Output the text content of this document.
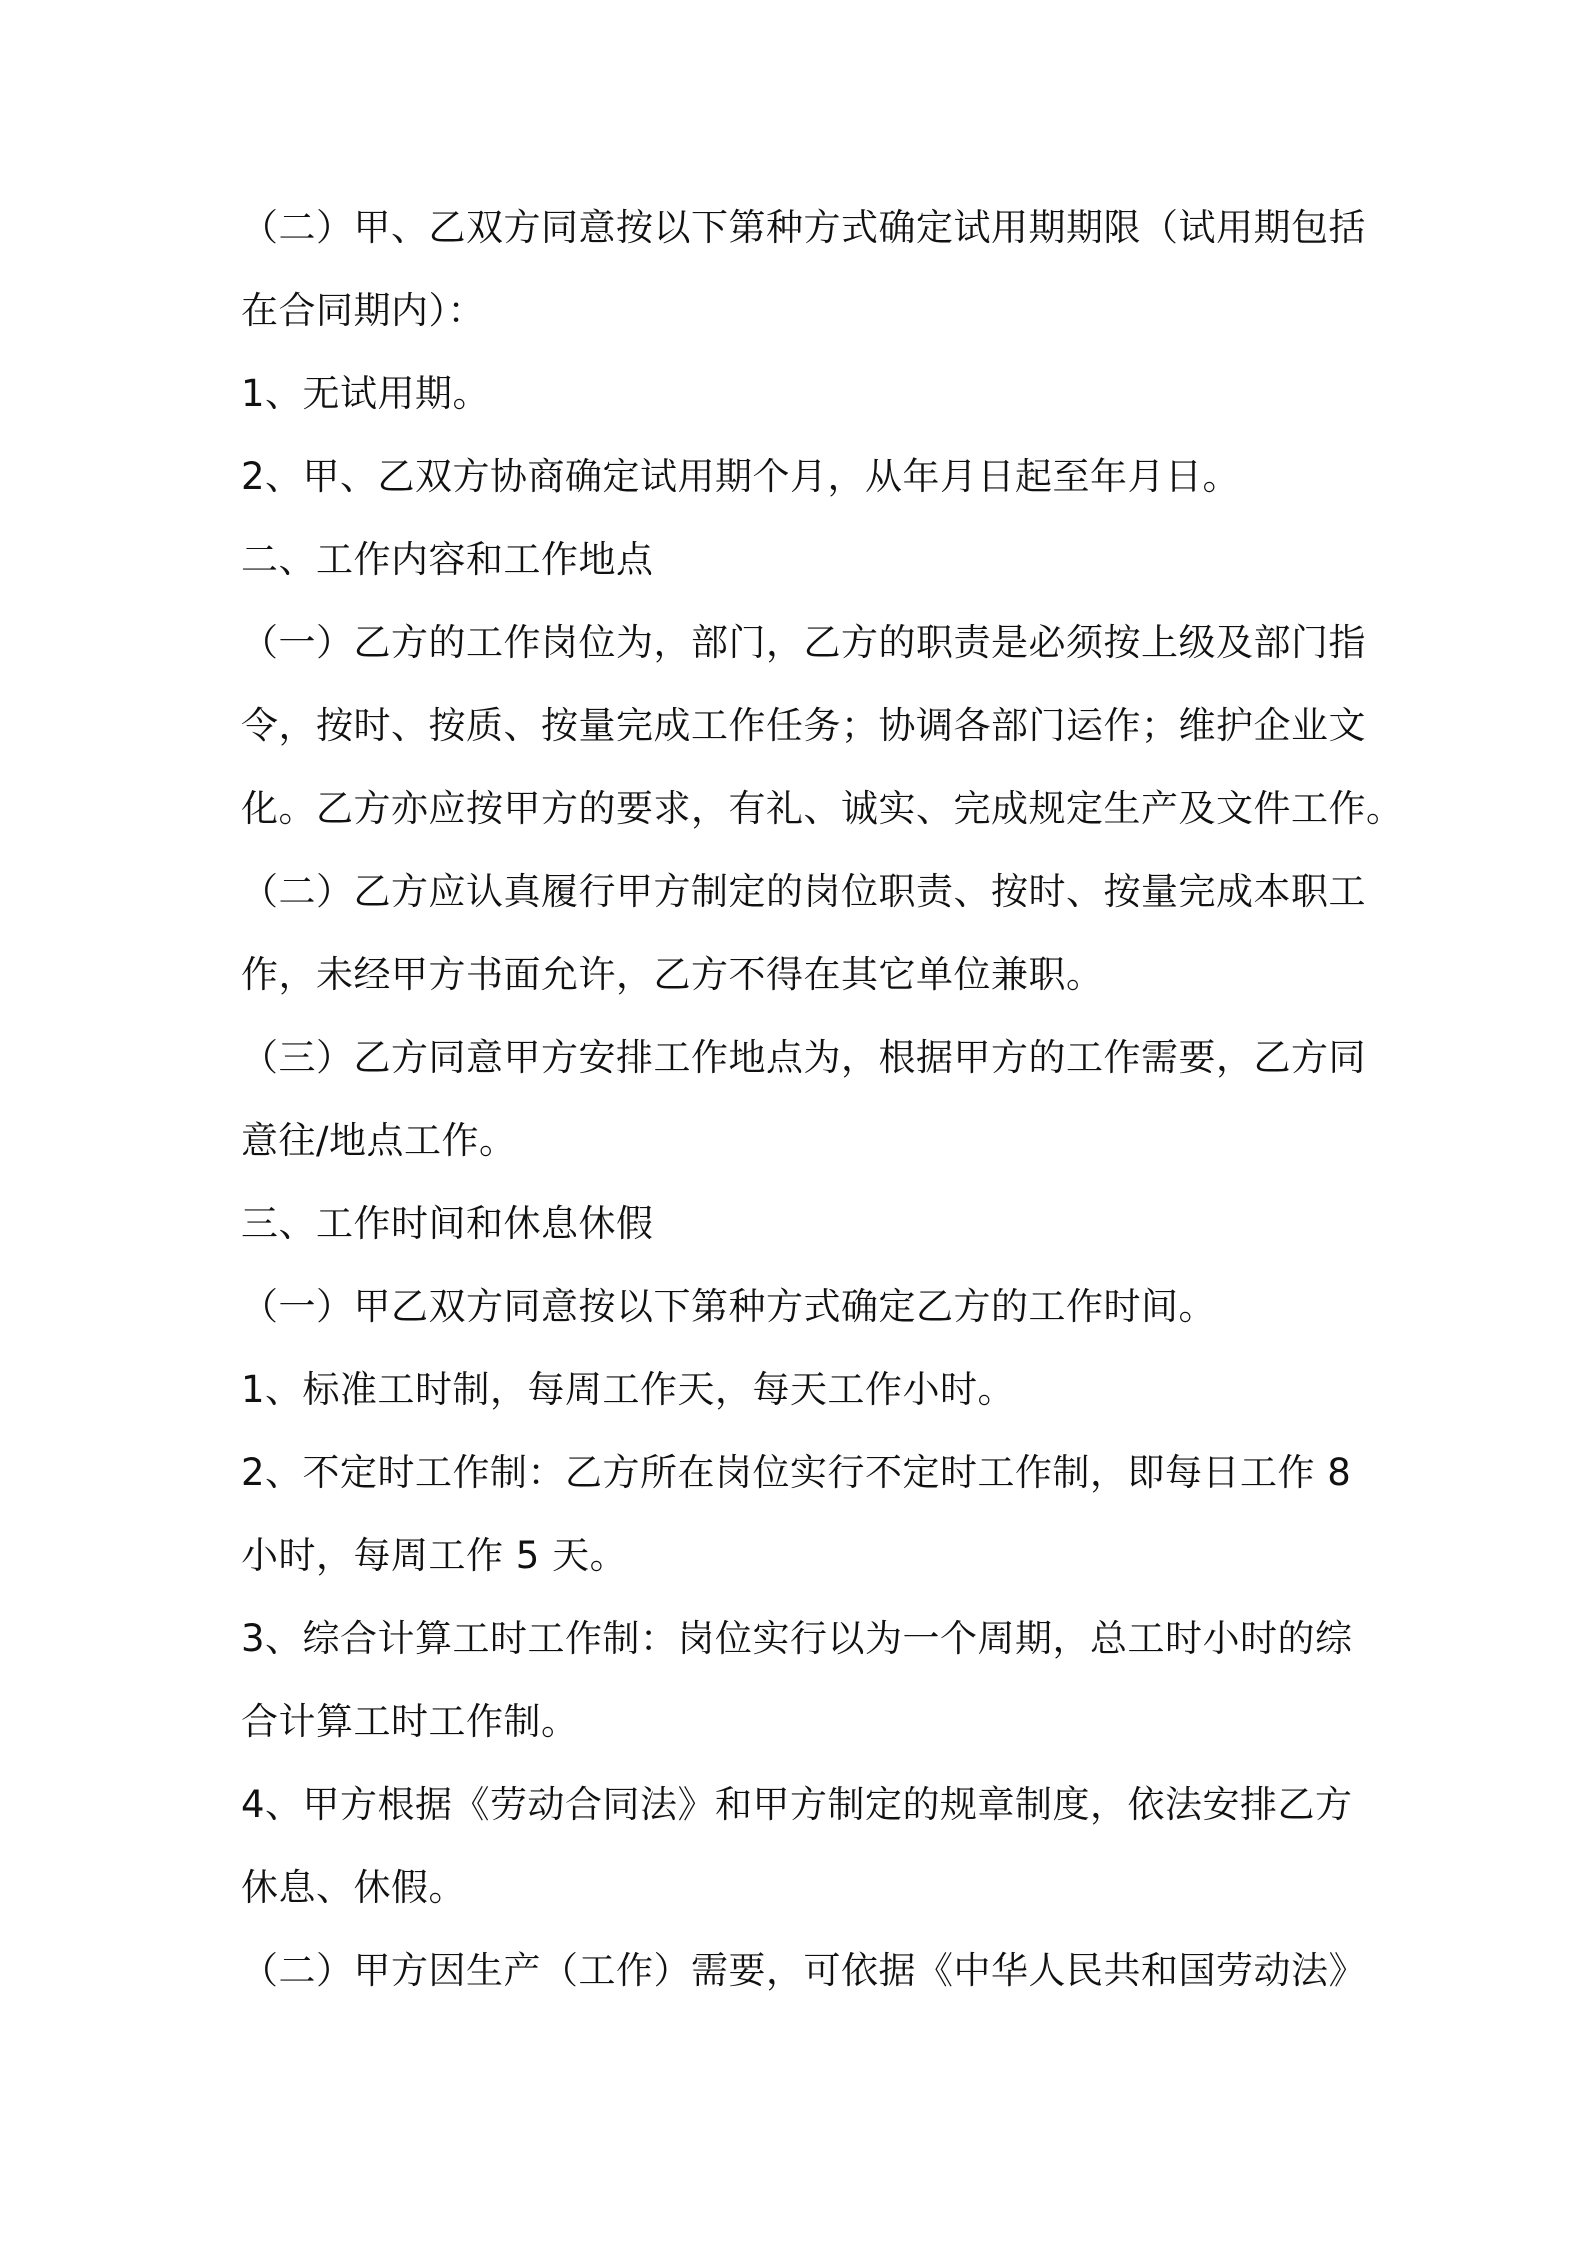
（二）甲、乙双方同意按以下第种方式确定试用期期限（试用期包括
在合同期内）：
1、无试用期。
2、甲、乙双方协商确定试用期个月，从年月日起至年月日。
二、工作内容和工作地点
（一）乙方的工作岗位为，部门，乙方的职责是必须按上级及部门指
令，按时、按质、按量完成工作任务；协调各部门运作；维护企业文
化。乙方亦应按甲方的要求，有礼、诚实、完成规定生产及文件工作。
（二）乙方应认真履行甲方制定的岗位职责、按时、按量完成本职工
作，未经甲方书面允许，乙方不得在其它单位兼职。
（三）乙方同意甲方安排工作地点为，根据甲方的工作需要，乙方同
意往/地点工作。
三、工作时间和休息休假
（一）甲乙双方同意按以下第种方式确定乙方的工作时间。
1、标准工时制，每周工作天，每天工作小时。
2、不定时工作制：乙方所在岗位实行不定时工作制，即每日工作 8
小时，每周工作 5 天。
3、综合计算工时工作制：岗位实行以为一个周期，总工时小时的综
合计算工时工作制。
4、甲方根据《劳动合同法》和甲方制定的规章制度，依法安排乙方
休息、休假。
（二）甲方因生产（工作）需要，可依据《中华人民共和国劳动法》
